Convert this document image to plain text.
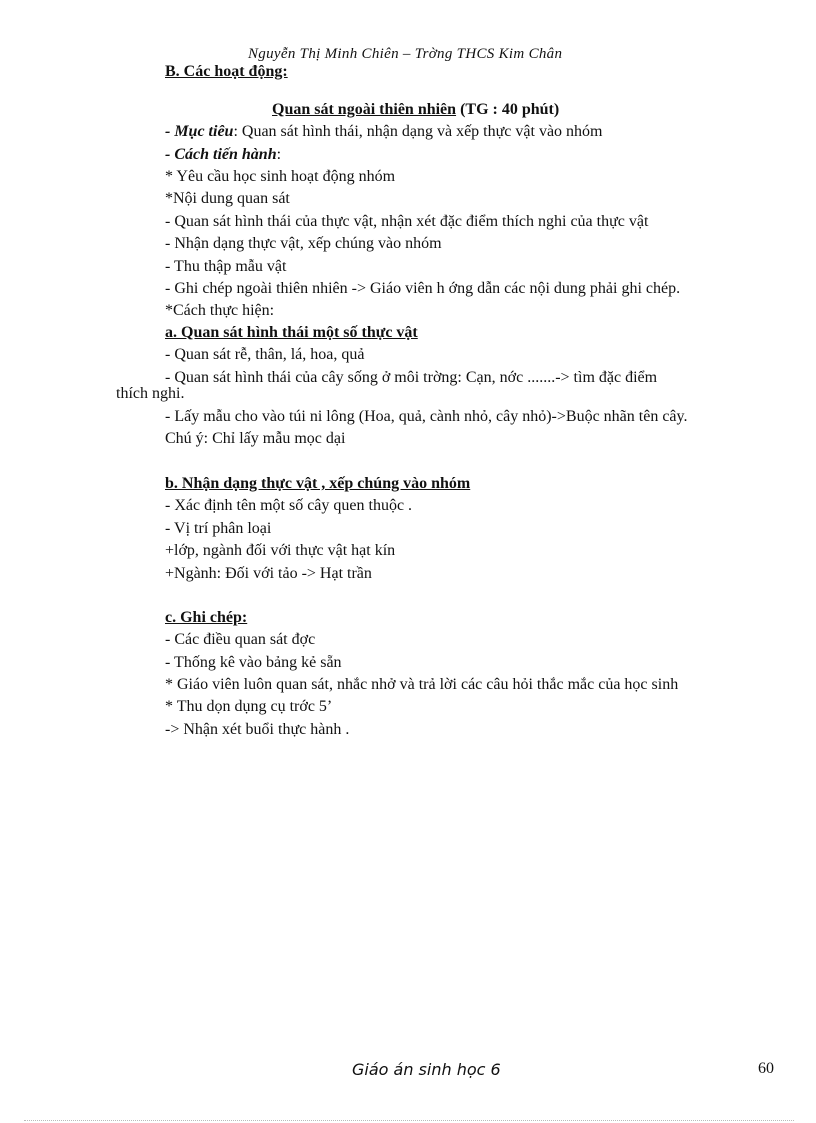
Nguyễn Thị Minh Chiên – Trờng THCS Kim Chân
B. Các hoạt động:
Quan sát ngoài thiên nhiên (TG : 40 phút)
- Mục tiêu: Quan sát hình thái, nhận dạng và xếp thực vật vào nhóm
- Cách tiến hành:
* Yêu cầu học sinh hoạt động nhóm
*Nội dung quan sát
- Quan sát hình thái của thực vật, nhận xét đặc điểm thích nghi của thực vật
- Nhận dạng thực vật, xếp chúng vào nhóm
- Thu thập mẫu vật
- Ghi chép ngoài thiên nhiên -> Giáo viên h ớng dẫn các nội dung phải ghi chép.
*Cách thực hiện:
a. Quan sát hình thái một số thực vật
- Quan sát rễ, thân, lá, hoa, quả
- Quan sát hình thái của cây sống ở môi trờng: Cạn, nớc .......-> tìm đặc điểm
thích nghi.
- Lấy mẫu cho vào túi ni lông (Hoa, quả, cành nhỏ, cây nhỏ)->Buộc nhãn tên cây.
Chú ý: Chỉ lấy mẫu mọc dại
b. Nhận dạng thực vật , xếp chúng vào nhóm
- Xác định tên một số cây quen thuộc .
- Vị trí phân loại
+lớp, ngành đối với thực vật hạt kín
+Ngành: Đối với tảo -> Hạt trần
c. Ghi chép:
- Các điều quan sát đợc
- Thống kê vào bảng kẻ sẵn
* Giáo viên luôn quan sát, nhắc nhở và trả lời các câu hỏi thắc mắc của học sinh
* Thu dọn dụng cụ trớc 5’
-> Nhận xét buổi thực hành .
Giáo án sinh học 6	60
